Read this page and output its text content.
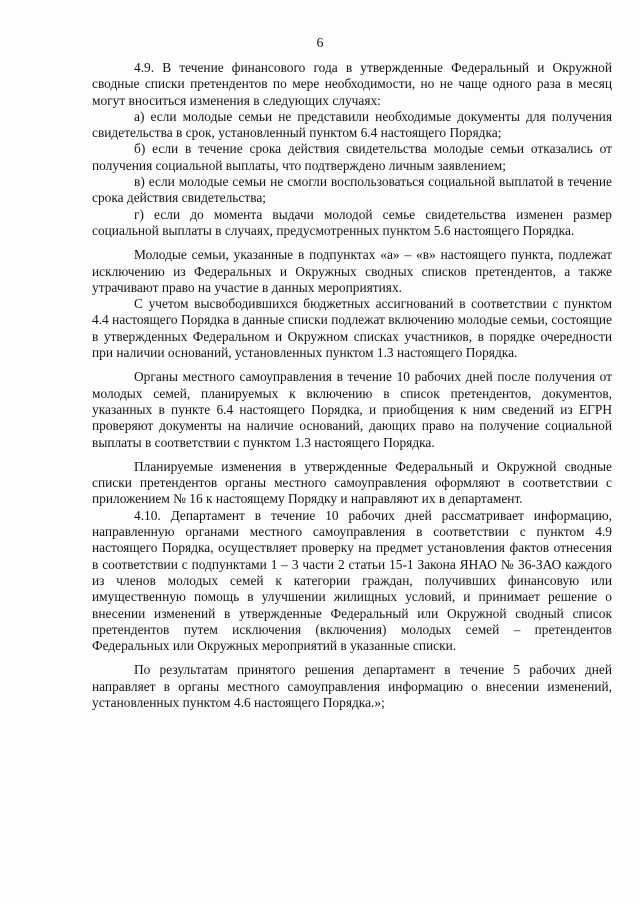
6

4.9. В течение финансового года в утвержденные Федеральный и Окружной сводные списки претендентов по мере необходимости, но не чаще одного раза в месяц могут вноситься изменения в следующих случаях:

а) если молодые семьи не представили необходимые документы для получения свидетельства в срок, установленный пунктом 6.4 настоящего Порядка;

б) если в течение срока действия свидетельства молодые семьи отказались от получения социальной выплаты, что подтверждено личным заявлением;

в) если молодые семьи не смогли воспользоваться социальной выплатой в течение срока действия свидетельства;

г) если до момента выдачи молодой семье свидетельства изменен размер социальной выплаты в случаях, предусмотренных пунктом 5.6 настоящего Порядка.

Молодые семьи, указанные в подпунктах «а» – «в» настоящего пункта, подлежат исключению из Федеральных и Окружных сводных списков претендентов, а также утрачивают право на участие в данных мероприятиях.

С учетом высвободившихся бюджетных ассигнований в соответствии с пунктом 4.4 настоящего Порядка в данные списки подлежат включению молодые семьи, состоящие в утвержденных Федеральном и Окружном списках участников, в порядке очередности при наличии оснований, установленных пунктом 1.3 настоящего Порядка.

Органы местного самоуправления в течение 10 рабочих дней после получения от молодых семей, планируемых к включению в список претендентов, документов, указанных в пункте 6.4 настоящего Порядка, и приобщения к ним сведений из ЕГРН проверяют документы на наличие оснований, дающих право на получение социальной выплаты в соответствии с пунктом 1.3 настоящего Порядка.

Планируемые изменения в утвержденные Федеральный и Окружной сводные списки претендентов органы местного самоуправления оформляют в соответствии с приложением № 16 к настоящему Порядку и направляют их в департамент.

4.10. Департамент в течение 10 рабочих дней рассматривает информацию, направленную органами местного самоуправления в соответствии с пунктом 4.9 настоящего Порядка, осуществляет проверку на предмет установления фактов отнесения в соответствии с подпунктами 1 – 3 части 2 статьи 15-1 Закона ЯНАО № 36-ЗАО каждого из членов молодых семей к категории граждан, получивших финансовую или имущественную помощь в улучшении жилищных условий, и принимает решение о внесении изменений в утвержденные Федеральный или Окружной сводный список претендентов путем исключения (включения) молодых семей – претендентов Федеральных или Окружных мероприятий в указанные списки.

По результатам принятого решения департамент в течение 5 рабочих дней направляет в органы местного самоуправления информацию о внесении изменений, установленных пунктом 4.6 настоящего Порядка.»;
